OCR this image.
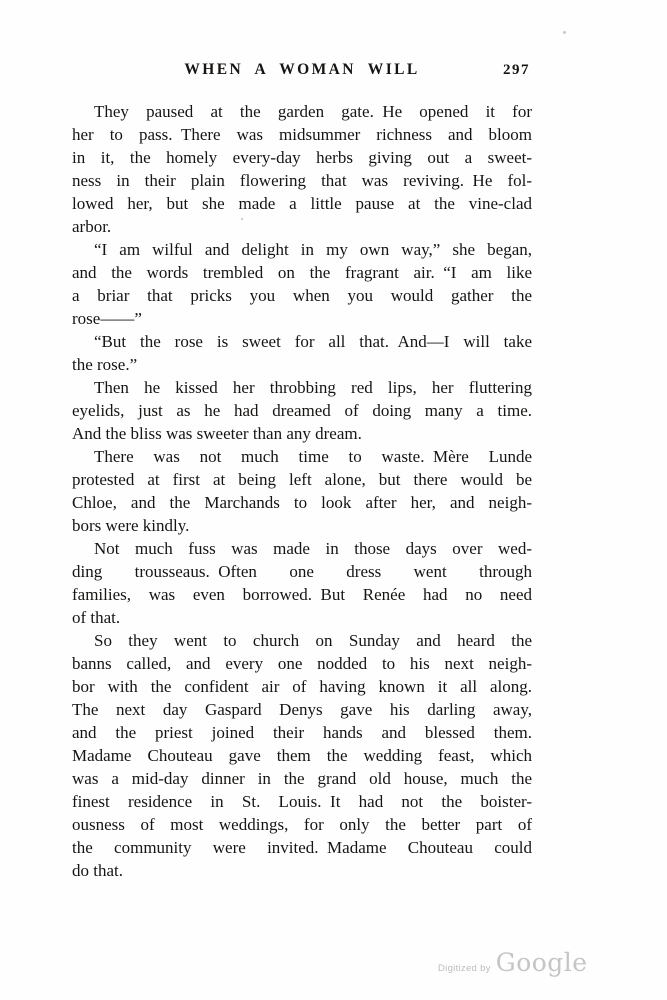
WHEN A WOMAN WILL	297
They paused at the garden gate. He opened it for
her to pass. There was midsummer richness and bloom
in it, the homely every-day herbs giving out a sweet-
ness in their plain flowering that was reviving. He fol-
lowed her, but she made a little pause at the vine-clad
arbor.
“I am wilful and delight in my own way,” she began,
and the words trembled on the fragrant air. “I am like
a briar that pricks you when you would gather the
rose——”
“But the rose is sweet for all that. And—I will take
the rose.”
Then he kissed her throbbing red lips, her fluttering
eyelids, just as he had dreamed of doing many a time.
And the bliss was sweeter than any dream.
There was not much time to waste. Mère Lunde
protested at first at being left alone, but there would be
Chloe, and the Marchands to look after her, and neigh-
bors were kindly.
Not much fuss was made in those days over wed-
ding trousseaus. Often one dress went through
families, was even borrowed. But Renée had no need
of that.
So they went to church on Sunday and heard the
banns called, and every one nodded to his next neigh-
bor with the confident air of having known it all along.
The next day Gaspard Denys gave his darling away,
and the priest joined their hands and blessed them.
Madame Chouteau gave them the wedding feast, which
was a mid-day dinner in the grand old house, much the
finest residence in St. Louis. It had not the boister-
ousness of most weddings, for only the better part of
the community were invited. Madame Chouteau could
do that.
Digitized by Google
